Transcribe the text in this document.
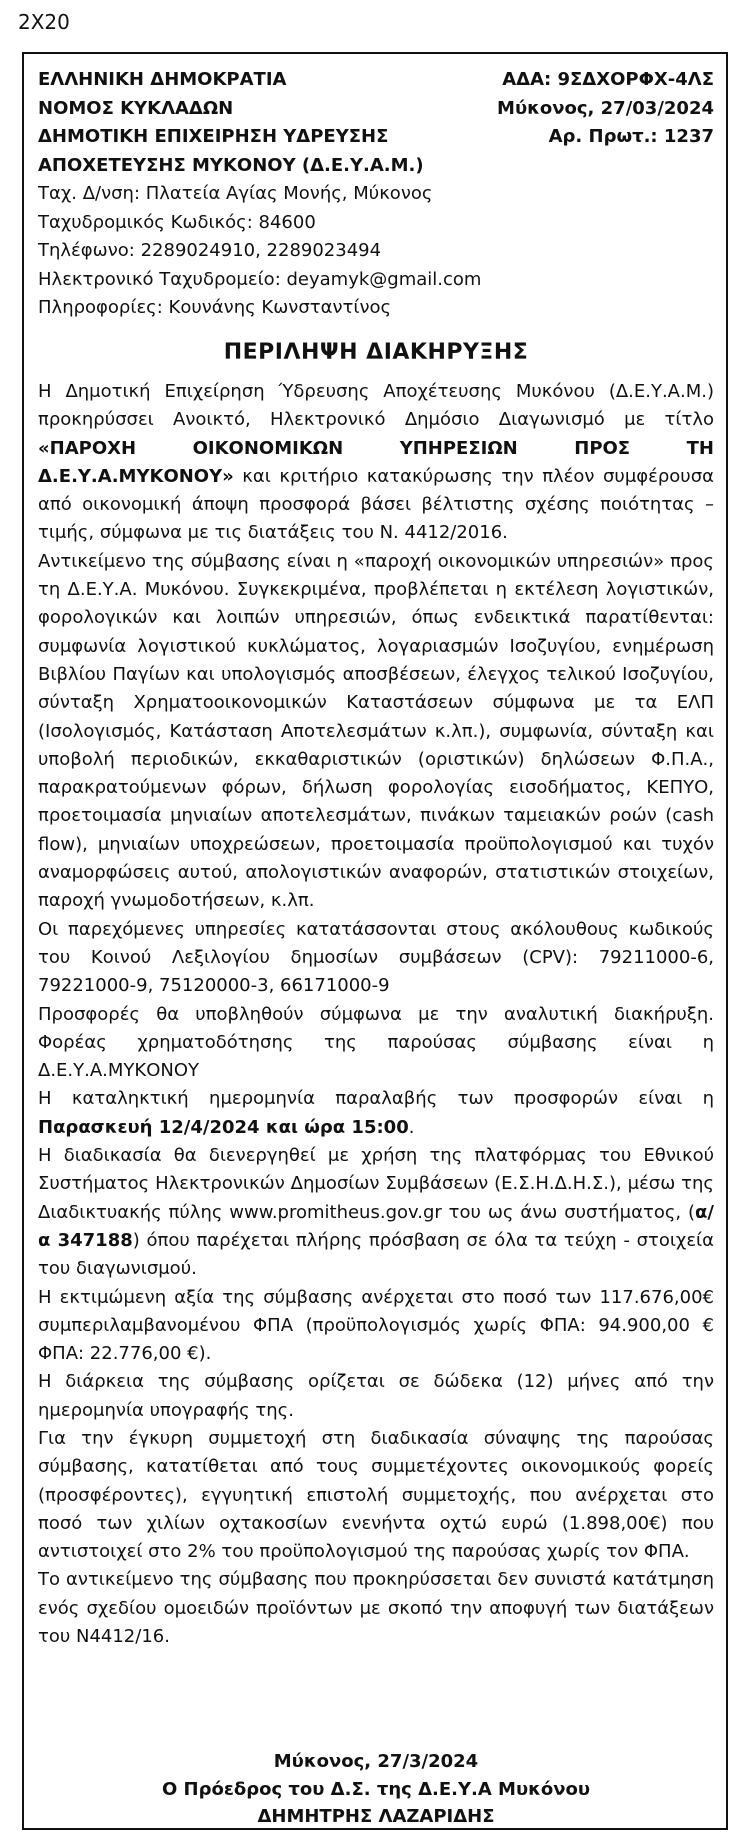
2X20
ΕΛΛΗΝΙΚΗ ΔΗΜΟΚΡΑΤΙΑ	ΑΔΑ: 9ΣΔΧΟΡΦΧ-4ΛΣ
ΝΟΜΟΣ ΚΥΚΛΑΔΩΝ	Μύκονος, 27/03/2024
ΔΗΜΟΤΙΚΗ ΕΠΙΧΕΙΡΗΣΗ ΥΔΡΕΥΣΗΣ	Αρ. Πρωτ.: 1237
ΑΠΟΧΕΤΕΥΣΗΣ ΜΥΚΟΝΟΥ (Δ.Ε.Υ.Α.Μ.)
Ταχ. Δ/νση: Πλατεία Αγίας Μονής, Μύκονος
Ταχυδρομικός Κωδικός: 84600
Τηλέφωνο: 2289024910, 2289023494
Ηλεκτρονικό Ταχυδρομείο: deyamyk@gmail.com
Πληροφορίες: Κουνάνης Κωνσταντίνος
ΠΕΡΙΛΗΨΗ ΔΙΑΚΗΡΥΞΗΣ

Η Δημοτική Επιχείρηση Ύδρευσης Αποχέτευσης Μυκόνου (Δ.Ε.Υ.Α.Μ.) προκηρύσσει Ανοικτό, Ηλεκτρονικό Δημόσιο Διαγωνισμό με τίτλο «ΠΑΡΟΧΗ ΟΙΚΟΝΟΜΙΚΩΝ ΥΠΗΡΕΣΙΩΝ ΠΡΟΣ ΤΗ Δ.Ε.Υ.Α.ΜΥΚΟΝΟΥ» και κριτήριο κατακύρωσης την πλέον συμφέρουσα από οικονομική άποψη προσφορά βάσει βέλτιστης σχέσης ποιότητας – τιμής, σύμφωνα με τις διατάξεις του Ν. 4412/2016.

Αντικείμενο της σύμβασης είναι η «παροχή οικονομικών υπηρεσιών» προς τη Δ.Ε.Υ.Α. Μυκόνου. Συγκεκριμένα, προβλέπεται η εκτέλεση λογιστικών, φορολογικών και λοιπών υπηρεσιών, όπως ενδεικτικά παρατίθενται: συμφωνία λογιστικού κυκλώματος, λογαριασμών Ισοζυγίου, ενημέρωση Βιβλίου Παγίων και υπολογισμός αποσβέσεων, έλεγχος τελικού Ισοζυγίου, σύνταξη Χρηματοοικονομικών Καταστάσεων σύμφωνα με τα ΕΛΠ (Ισολογισμός, Κατάσταση Αποτελεσμάτων κ.λπ.), συμφωνία, σύνταξη και υποβολή περιοδικών, εκκαθαριστικών (οριστικών) δηλώσεων Φ.Π.Α., παρακρατούμενων φόρων, δήλωση φορολογίας εισοδήματος, ΚΕΠΥΟ, προετοιμασία μηνιαίων αποτελεσμάτων, πινάκων ταμειακών ροών (cash flow), μηνιαίων υποχρεώσεων, προετοιμασία προϋπολογισμού και τυχόν αναμορφώσεις αυτού, απολογιστικών αναφορών, στατιστικών στοιχείων, παροχή γνωμοδοτήσεων, κ.λπ.

Οι παρεχόμενες υπηρεσίες κατατάσσονται στους ακόλουθους κωδικούς του Κοινού Λεξιλογίου δημοσίων συμβάσεων (CPV): 79211000-6, 79221000-9, 75120000-3, 66171000-9

Προσφορές θα υποβληθούν σύμφωνα με την αναλυτική διακήρυξη. Φορέας χρηματοδότησης της παρούσας σύμβασης είναι η Δ.Ε.Υ.Α.ΜΥΚΟΝΟΥ

Η καταληκτική ημερομηνία παραλαβής των προσφορών είναι η Παρασκευή 12/4/2024 και ώρα 15:00.

Η διαδικασία θα διενεργηθεί με χρήση της πλατφόρμας του Εθνικού Συστήματος Ηλεκτρονικών Δημοσίων Συμβάσεων (Ε.Σ.Η.Δ.Η.Σ.), μέσω της Διαδικτυακής πύλης www.promitheus.gov.gr του ως άνω συστήματος, (α/α 347188) όπου παρέχεται πλήρης πρόσβαση σε όλα τα τεύχη - στοιχεία του διαγωνισμού.

Η εκτιμώμενη αξία της σύμβασης ανέρχεται στο ποσό των 117.676,00€ συμπεριλαμβανομένου ΦΠΑ (προϋπολογισμός χωρίς ΦΠΑ: 94.900,00 € ΦΠΑ: 22.776,00 €).

Η διάρκεια της σύμβασης ορίζεται σε δώδεκα (12) μήνες από την ημερομηνία υπογραφής της.

Για την έγκυρη συμμετοχή στη διαδικασία σύναψης της παρούσας σύμβασης, κατατίθεται από τους συμμετέχοντες οικονομικούς φορείς (προσφέροντες), εγγυητική επιστολή συμμετοχής, που ανέρχεται στο ποσό των χιλίων οχτακοσίων ενενήντα οχτώ ευρώ (1.898,00€) που αντιστοιχεί στο 2% του προϋπολογισμού της παρούσας χωρίς τον ΦΠΑ.

Το αντικείμενο της σύμβασης που προκηρύσσεται δεν συνιστά κατάτμηση ενός σχεδίου ομοειδών προϊόντων με σκοπό την αποφυγή των διατάξεων του Ν4412/16.

Μύκονος, 27/3/2024
Ο Πρόεδρος του Δ.Σ. της Δ.Ε.Υ.Α Μυκόνου
ΔΗΜΗΤΡΗΣ ΛΑΖΑΡΙΔΗΣ
